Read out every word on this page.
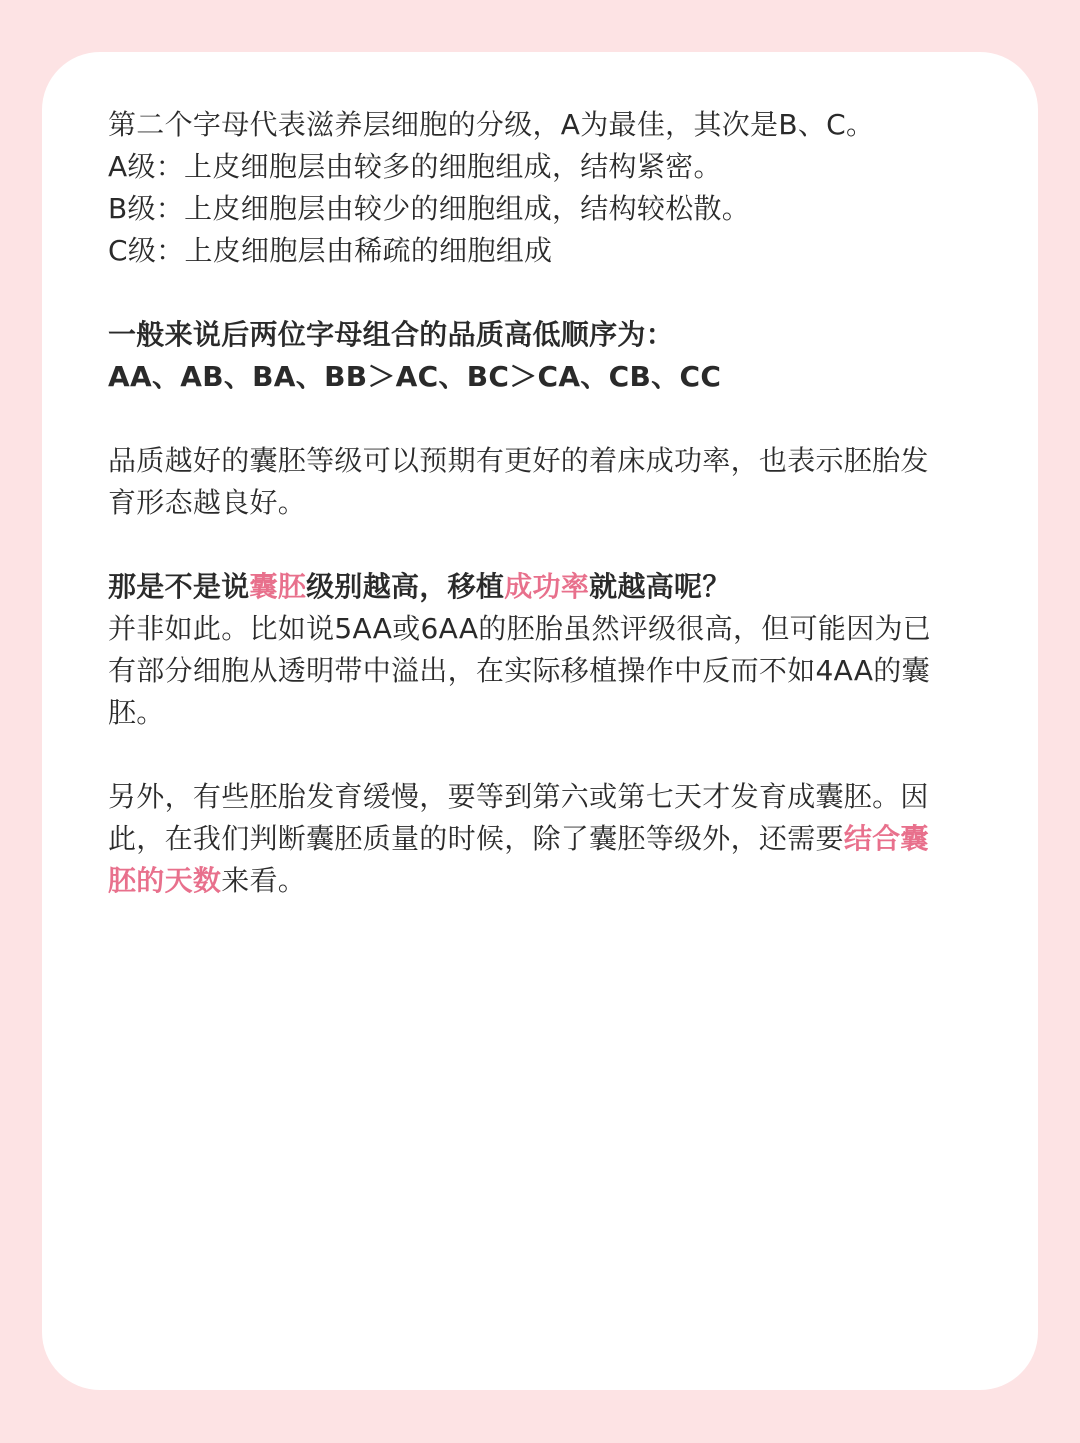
第二个字母代表滋养层细胞的分级，A为最佳，其次是B、C。
A级：上皮细胞层由较多的细胞组成，结构紧密。
B级：上皮细胞层由较少的细胞组成，结构较松散。
C级：上皮细胞层由稀疏的细胞组成
一般来说后两位字母组合的品质高低顺序为：
AA、AB、BA、BB＞AC、BC＞CA、CB、CC
品质越好的囊胚等级可以预期有更好的着床成功率，也表示胚胎发
育形态越良好。
那是不是说囊胚级别越高，移植成功率就越高呢？
并非如此。比如说5AA或6AA的胚胎虽然评级很高，但可能因为已
有部分细胞从透明带中溢出，在实际移植操作中反而不如4AA的囊
胚。
另外，有些胚胎发育缓慢，要等到第六或第七天才发育成囊胚。因
此，在我们判断囊胚质量的时候，除了囊胚等级外，还需要结合囊
胚的天数来看。
